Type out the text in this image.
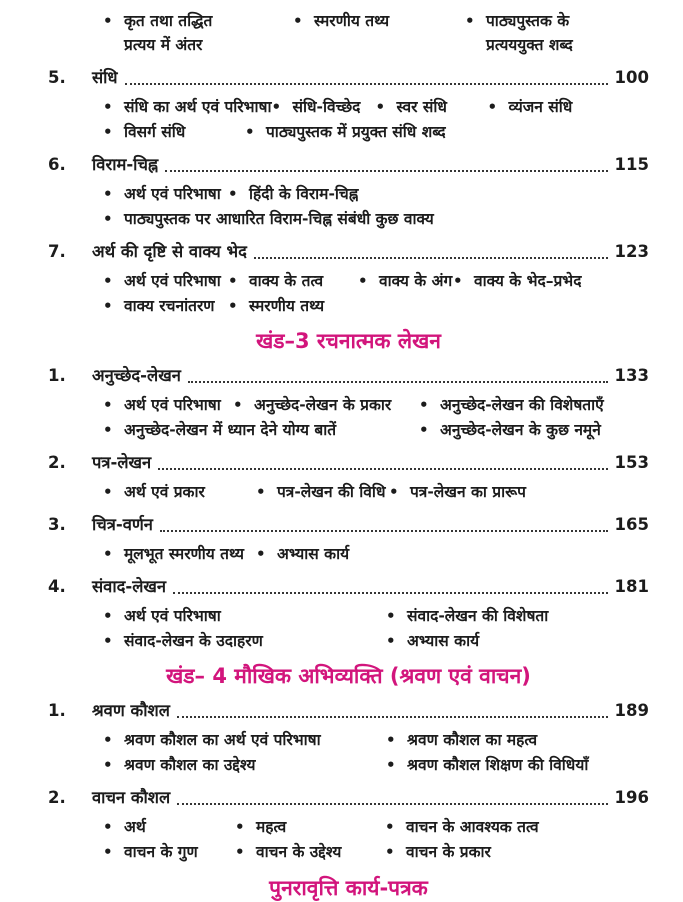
•
कृत तथा तद्धित
प्रत्यय में अंतर
•
स्मरणीय तथ्य •	पाठ्यपुस्तक के
प्रत्यययुक्त शब्द
5.	संधि	100
•
संधि का अर्थ एवं परिभाषा • संधि-विच्छेद • स्वर संधि •	व्यंजन संधि
•
विसर्ग संधि •	पाठ्यपुस्तक में प्रयुक्त संधि शब्द
6.	विराम-चिह्न	115
•
अर्थ एवं परिभाषा • हिंदी के विराम-चिह्न
•
पाठ्यपुस्तक पर आधारित विराम-चिह्न संबंधी कुछ वाक्य
7.	अर्थ की दृष्टि से वाक्य भेद	123
•
अर्थ एवं परिभाषा • वाक्य के तत्व •	वाक्य के अंग • वाक्य के भेद–प्रभेद
•
वाक्य रचनांतरण • स्मरणीय तथ्य
खंड–3 रचनात्मक लेखन
1.	अनुच्छेद-लेखन	133
•
अर्थ एवं परिभाषा • अनुच्छेद-लेखन के प्रकार •	अनुच्छेद-लेखन की विशेषताएँ
•
अनुच्छेद-लेखन में ध्यान देने योग्य बातें •	अनुच्छेद-लेखन के कुछ नमूने
2.	पत्र-लेखन	153
•
अर्थ एवं प्रकार •	पत्र-लेखन की विधि • पत्र-लेखन का प्रारूप
3.	चित्र-वर्णन	165
•
मूलभूत स्मरणीय तथ्य • अभ्यास कार्य
4.	संवाद-लेखन	181
•
अर्थ एवं परिभाषा •	संवाद-लेखन की विशेषता
•
संवाद-लेखन के उदाहरण •	अभ्यास कार्य
खंड– 4 मौखिक अभिव्यक्ति (श्रवण एवं वाचन)
1.	श्रवण कौशल	189
•
श्रवण कौशल का अर्थ एवं परिभाषा •	श्रवण कौशल का महत्व
•
श्रवण कौशल का उद्देश्य •	श्रवण कौशल शिक्षण की विधियाँ
2.	वाचन कौशल	196
•
अर्थ •	महत्व •	वाचन के आवश्यक तत्व
•
वाचन के गुण •	वाचन के उद्देश्य •	वाचन के प्रकार
पुनरावृत्ति कार्य-पत्रक
